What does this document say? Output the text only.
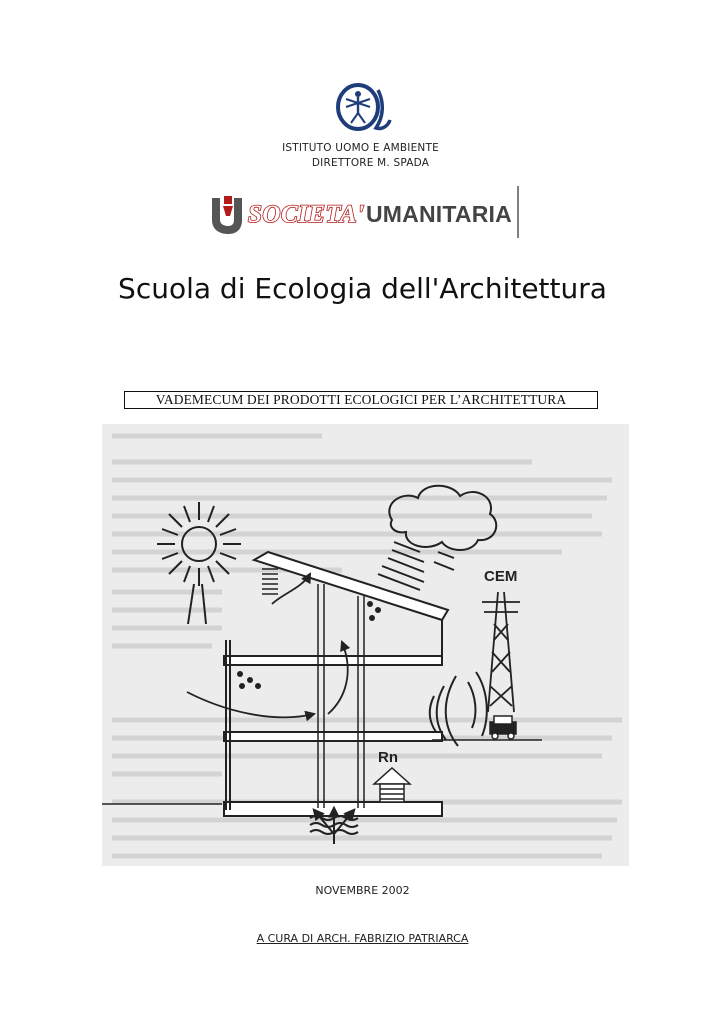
ISTITUTO UOMO E AMBIENTE
DIRETTORE M. SPADA
SOCIETA' UMANITARIA
Scuola di Ecologia dell'Architettura
VADEMECUM DEI PRODOTTI ECOLOGICI PER L’ARCHITETTURA
Rn
CEM
NOVEMBRE 2002
A CURA DI ARCH. FABRIZIO PATRIARCA
